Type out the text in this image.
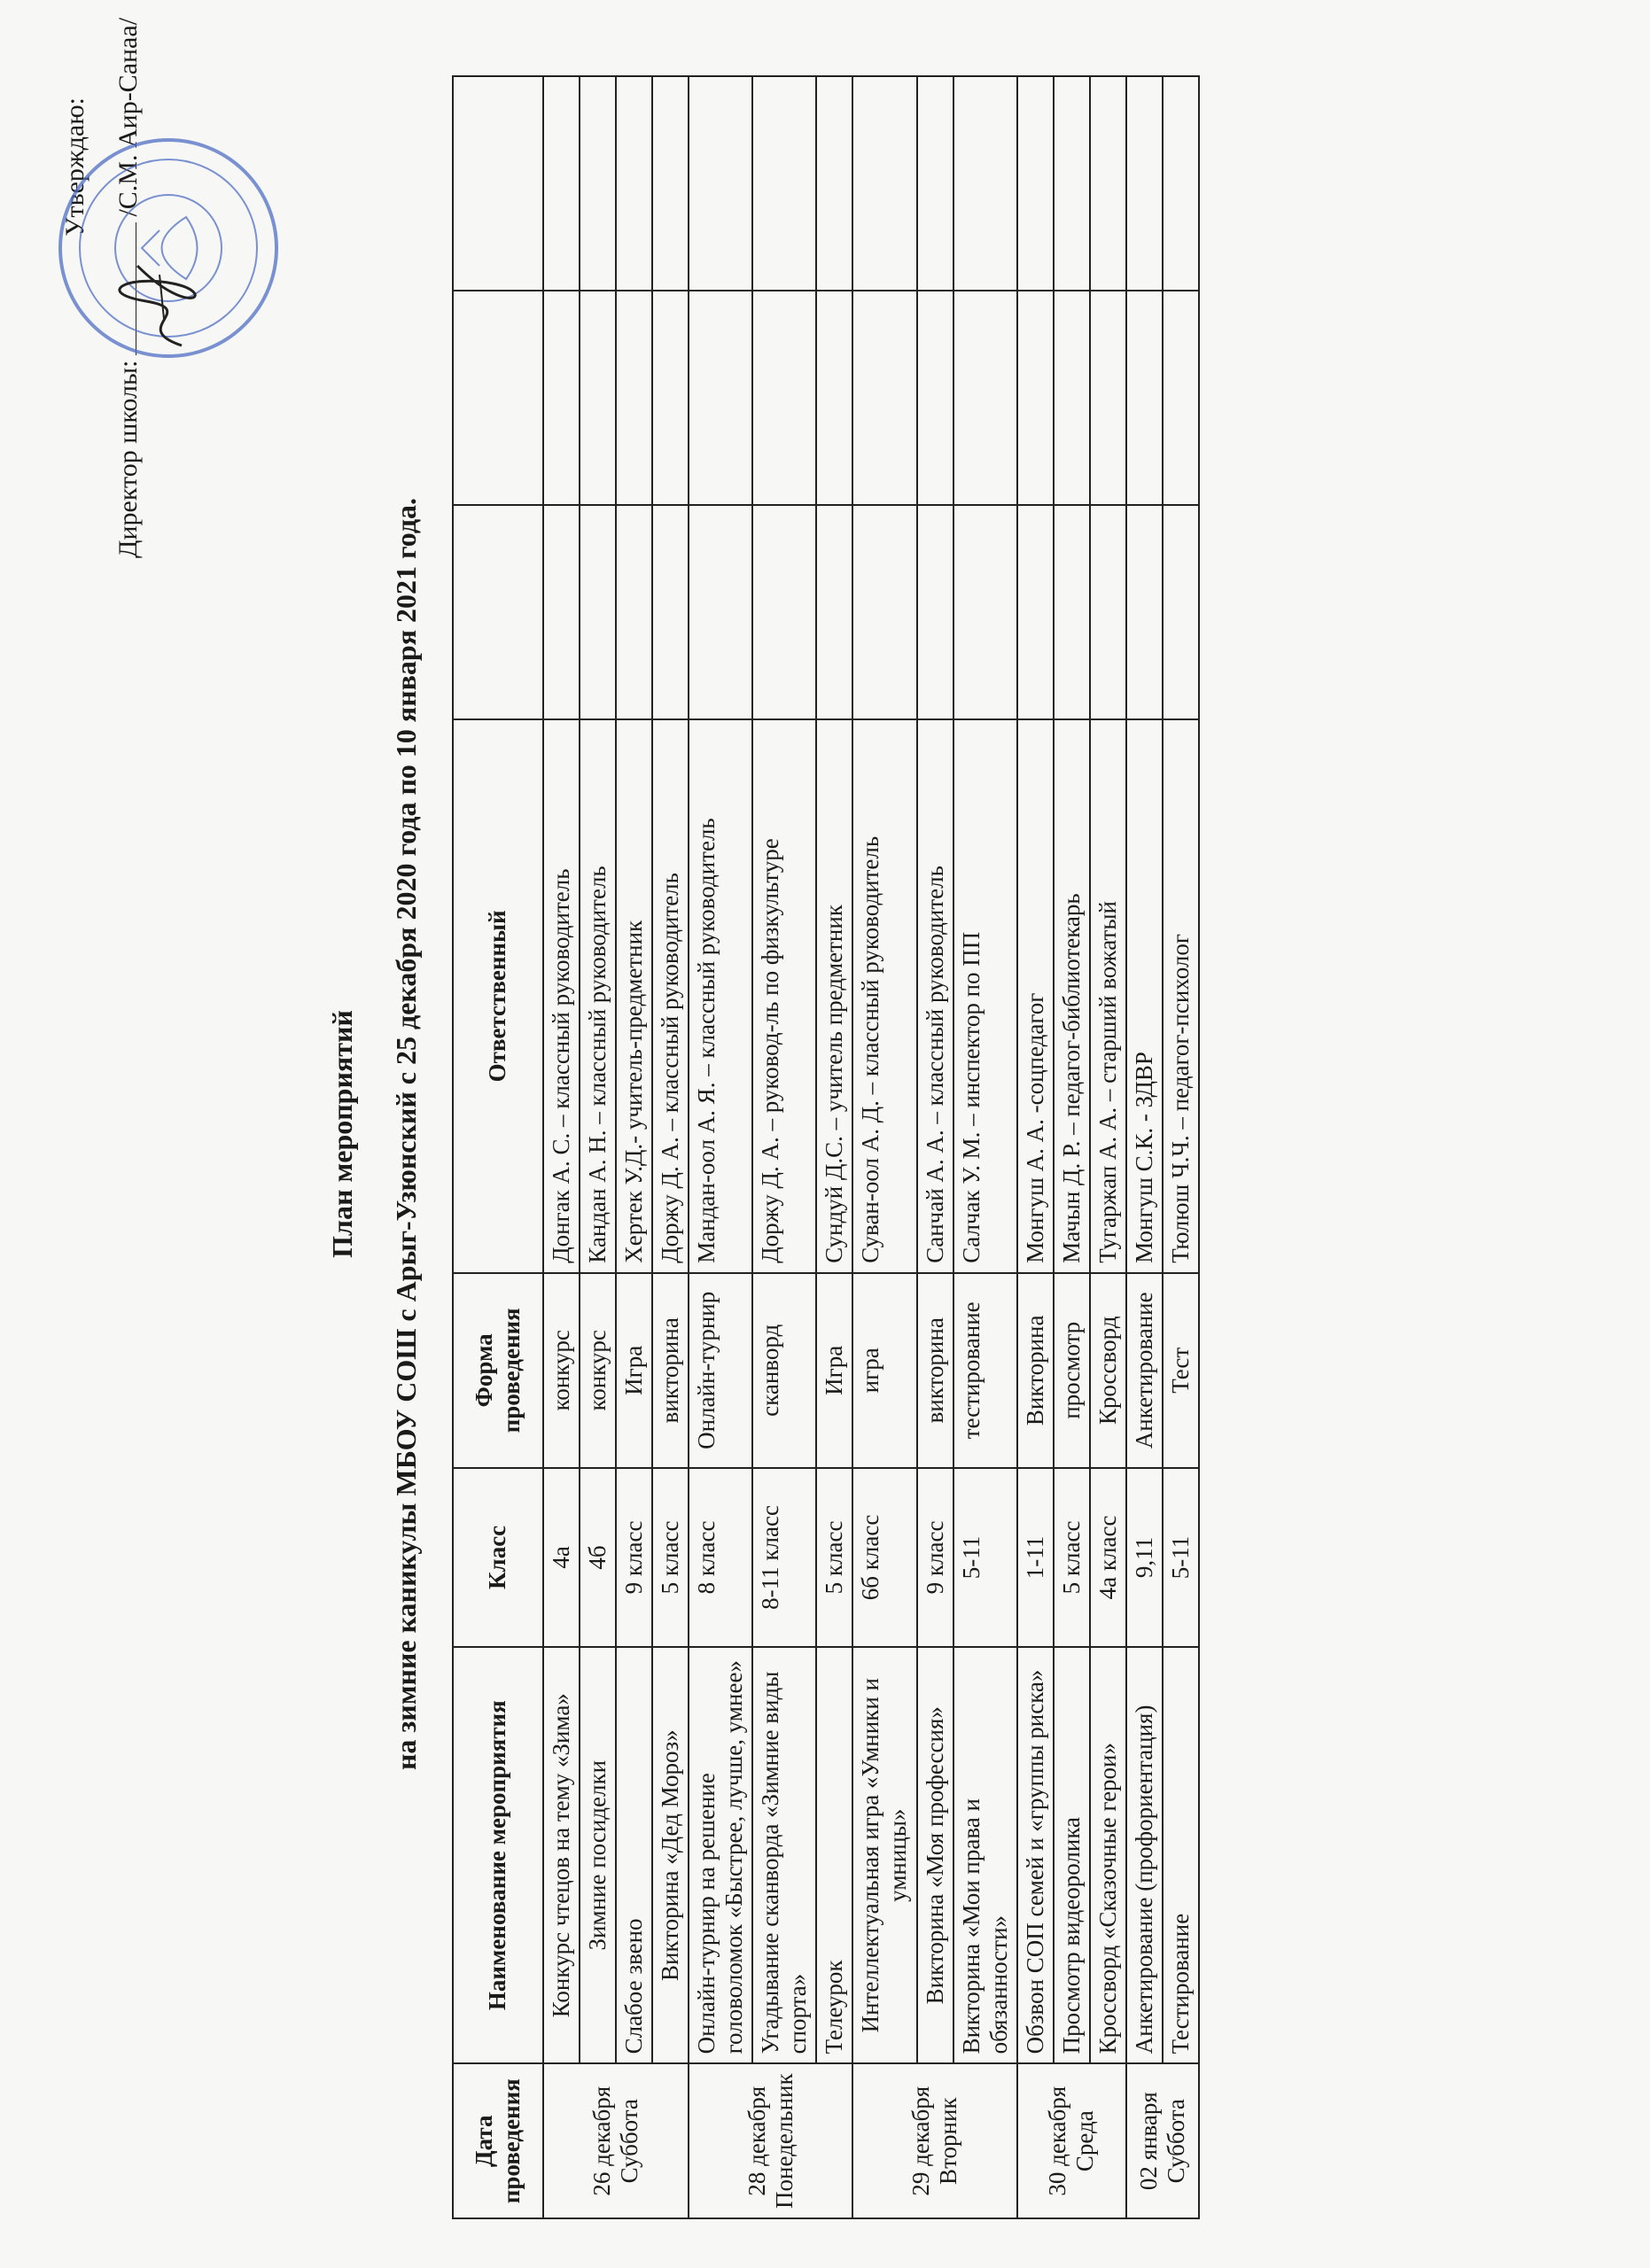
Утверждаю:
Директор школы:/С.М. Аир-Санаа/
План мероприятий на зимние каникулы МБОУ СОШ с Арыг-Узюнский с 25 декабря 2020 года по 10 января 2021 года.
Дата проведения	Наименование мероприятия	Класс	Форма проведения	Ответственный			
26 декабря Суббота	Конкурс чтецов на тему «Зима»	4а	конкурс	Донгак А. С. – классный руководитель			
	Зимние посиделки	4б	конкурс	Кандан А. Н. – классный руководитель			
	Слабое звено	9 класс	Игра	Хертек У.Д.- учитель-предметник			
	Викторина «Дед Мороз»	5 класс	викторина	Доржу Д. А. – классный руководитель			
28 декабря Понедельник	Онлайн-турнир на решение головоломок «Быстрее, лучше, умнее»	8 класс	Онлайн-турнир	Мандан-оол А. Я. – классный руководитель			
	Угадывание сканворда «Зимние виды спорта»	8-11 класс	сканворд	Доржу Д. А. – руковод-ль по физкультуре			
	Телеурок	5 класс	Игра	Сундуй Д.С. – учитель предметник			
29 декабря Вторник	Интеллектуальная игра «Умники и умницы»	6б класс	игра	Суван-оол А. Д. – классный руководитель			
	Викторина «Моя профессия»	9 класс	викторина	Санчай А. А. – классный руководитель			
	Викторина «Мои права и обязанности»	5-11	тестирование	Салчак У. М. – инспектор по ПП			
30 декабря Среда	Обзвон СОП семей и «группы риска»	1-11	Викторина	Монгуш А. А. -соцпедагог			
	Просмотр видеоролика	5 класс	просмотр	Мачын Д. Р. – педагог-библиотекарь			
	Кроссворд «Сказочные герои»	4а класс	Кроссворд	Тугаржап А. А. – старший вожатый			
02 января Суббота	Анкетирование (профориентация)	9,11	Анкетирование	Монгуш С.К. - ЗДВР			
	Тестирование	5-11	Тест	Тюлюш Ч.Ч. – педагог-психолог			
